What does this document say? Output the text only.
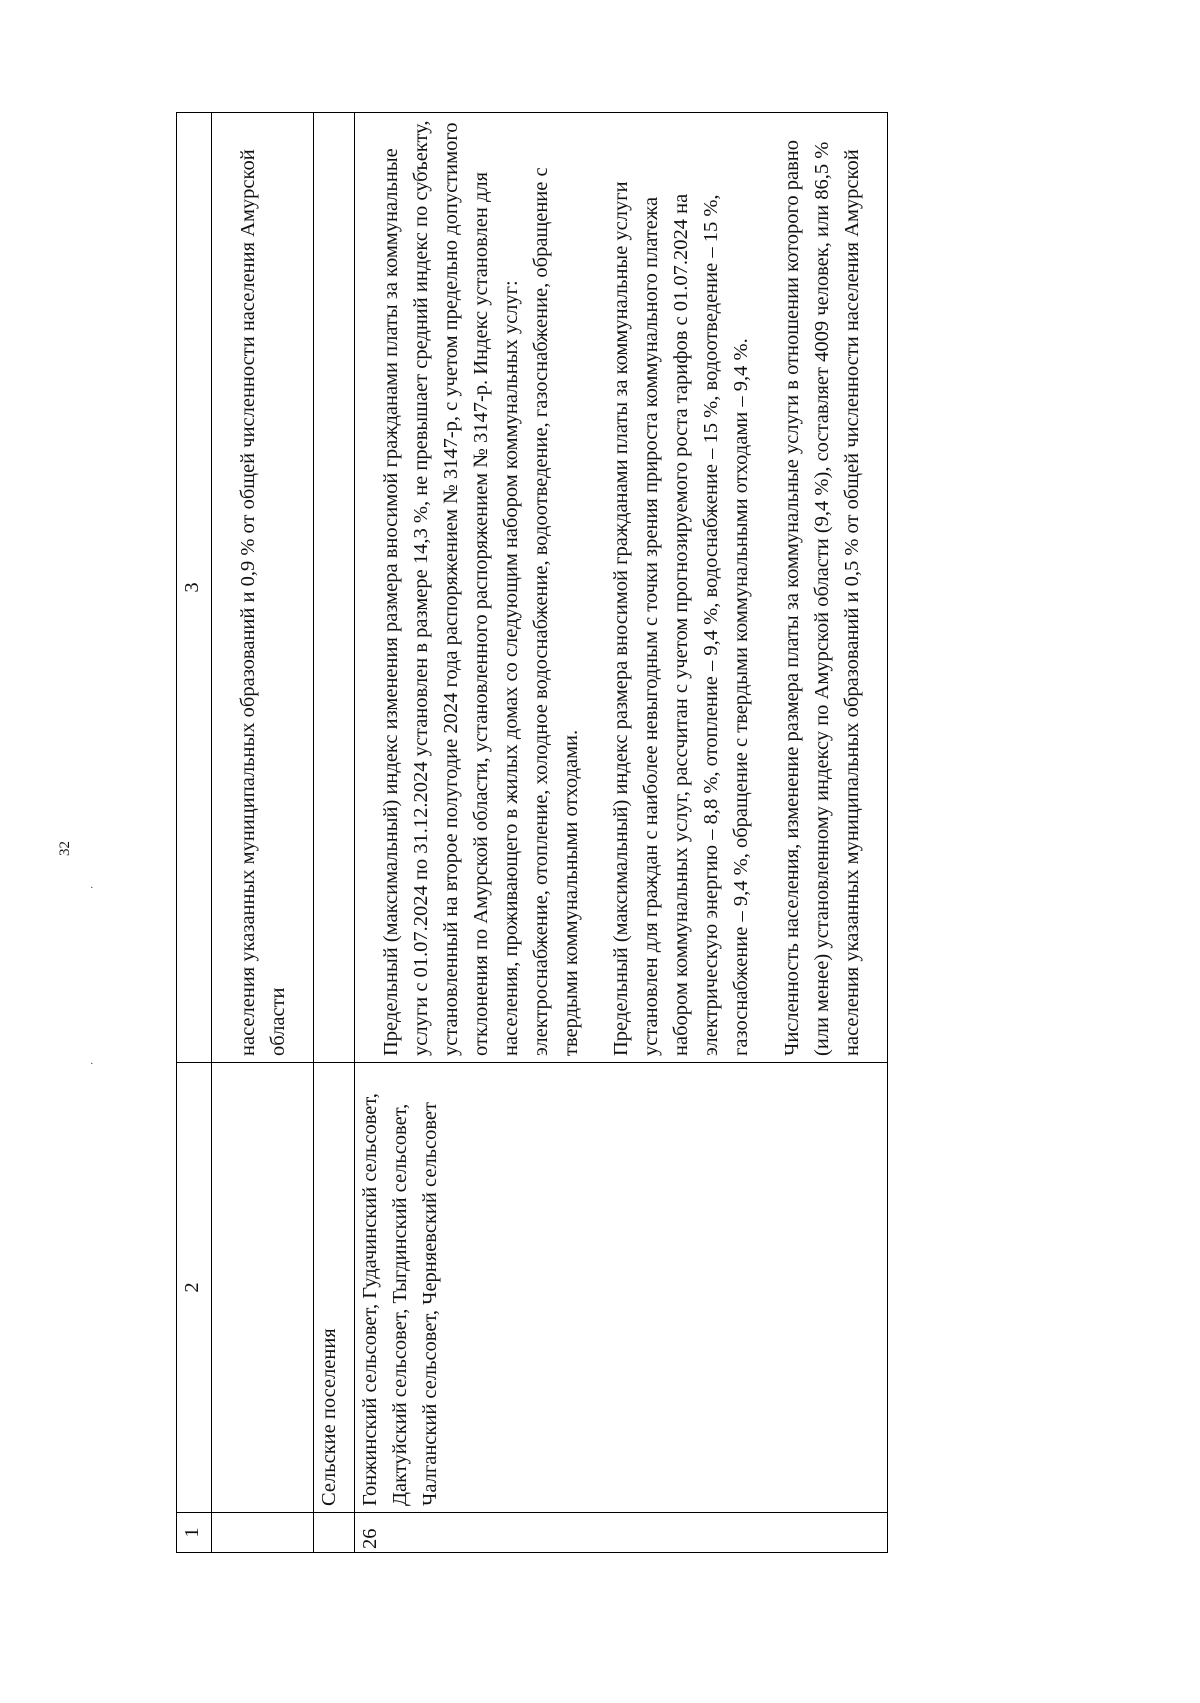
32
·
·
1	2	3

		населения указанных муниципальных образований и 0,9 % от общей численности населения Амурской области

	Сельские поселения	
26	Гонжинский сельсовет, Гудачинский сельсовет, Дактуйский сельсовет, Тыгдинский сельсовет, Чалганский сельсовет, Черняевский сельсовет	Предельный (максимальный) индекс изменения размера вносимой гражданами платы за коммунальные услуги с 01.07.2024 по 31.12.2024 установлен в размере 14,3 %, не превышает средний индекс по субъекту, установленный на второе полугодие 2024 года распоряжением № 3147-р, с учетом предельно допустимого отклонения по Амурской области, установленного распоряжением № 3147-р. Индекс установлен для населения, проживающего в жилых домах со следующим набором коммунальных услуг: электроснабжение, отопление, холодное водоснабжение, водоотведение, газоснабжение, обращение с твердыми коммунальными отходами. Предельный (максимальный) индекс размера вносимой гражданами платы за коммунальные услуги установлен для граждан с наиболее невыгодным с точки зрения прироста коммунального платежа набором коммунальных услуг, рассчитан с учетом прогнозируемого роста тарифов с 01.07.2024 на электрическую энергию – 8,8 %, отопление – 9,4 %, водоснабжение – 15 %, водоотведение – 15 %, газоснабжение – 9,4 %, обращение с твердыми коммунальными отходами – 9,4 %. Численность населения, изменение размера платы за коммунальные услуги в отношении которого равно (или менее) установленному индексу по Амурской области (9,4 %), составляет 4009 человек, или 86,5 % населения указанных муниципальных образований и 0,5 % от общей численности населения Амурской
